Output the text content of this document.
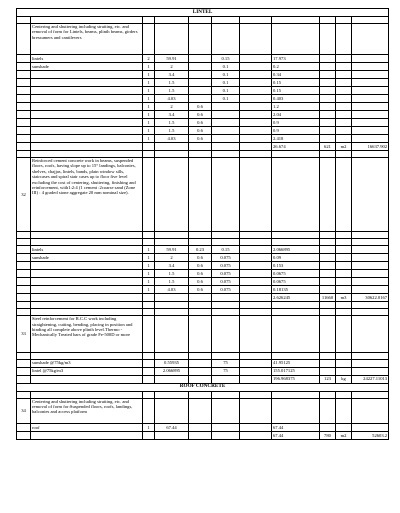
LINTEL										

	Centering and shuttering including strutting, etc. and removal of form for Lintels, beams, plinth beams, girders bressumers and cantilevers									
	lintels	2	59.91		0.15		17.973			
	sunshade	1	2		0.1		0.2			
		1	3.4		0.1		0.34			
		1	1.5		0.1		0.15			
		1	1.5		0.1		0.15			
		1	4.03		0.1		0.403			
		1	2	0.6			1.2			
		1	3.4	0.6			2.04			
		1	1.5	0.6			0.9			
		1	1.5	0.6			0.9			
		1	4.03	0.6			2.418			
							26.674	621	m2	16637.902

32	Reinforced cement concrete work in beams, suspended floors, roofs, having slope up to 15° landings, balconies, shelves, chajjas, lintels, bands, plain window sills, staircases and spiral stair cases up to floor five level excluding the cost of centering, shuttering, finishing and reinforcement, with1:2:4 (1 cement :2coarse sand (Zone III) : 4 graded stone aggregate 20 mm nominal size).									

	lintels	1	59.91	0.23	0.15		2.066895			
	sunshade	1	2	0.6	0.075		0.09			
		1	3.4	0.6	0.075		0.153			
		1	1.5	0.6	0.075		0.0675			
		1	1.5	0.6	0.075		0.0675			
		1	4.03	0.6	0.075		0.18135			
							2.626245	11660	m3	30622.0167

33	Steel reinforcement for R.C.C work including straightening, cutting, bending, placing in position and binding all complete above plinth level.Thermo - Mechanically Treated bars of grade Fe-500D or more									

	sunshade @75kg/m3		0.55935		75		41.95125			
	lintel @75kg/m3		2.066895		75		155.017125			
							196.968375	123	kg	24227.11013
ROOF CONCRETE										

34	Centering and shuttering including strutting, etc. and removal of form for:Suspended floors, roofs, landings, balconies and access platform									
	roof	1	67.44				67.44			
							67.44	780	m2	52603.2
